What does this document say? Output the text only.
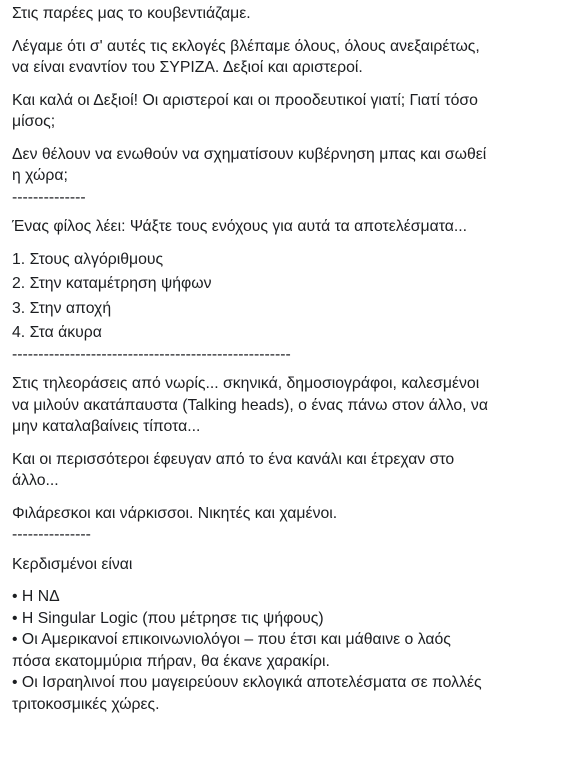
Στις παρέες μας το κουβεντιάζαμε.
Λέγαμε ότι σ' αυτές τις εκλογές βλέπαμε όλους, όλους ανεξαιρέτως,
να είναι εναντίον του ΣΥΡΙΖΑ. Δεξιοί και αριστεροί.
Και καλά οι Δεξιοί! Οι αριστεροί και οι προοδευτικοί γιατί; Γιατί τόσο
μίσος;
Δεν θέλουν να ενωθούν να σχηματίσουν κυβέρνηση μπας και σωθεί
η χώρα;
--------------
Ένας φίλος λέει: Ψάξτε τους ενόχους για αυτά τα αποτελέσματα...
1. Στους αλγόριθμους
2. Στην καταμέτρηση ψήφων
3. Στην αποχή
4. Στα άκυρα
-----------------------------------------------------
Στις τηλεοράσεις από νωρίς... σκηνικά, δημοσιογράφοι, καλεσμένοι
να μιλούν ακατάπαυστα (Talking heads), ο ένας πάνω στον άλλο, να
μην καταλαβαίνεις τίποτα...
Και οι περισσότεροι έφευγαν από το ένα κανάλι και έτρεχαν στο
άλλο...
Φιλάρεσκοι και νάρκισσοι. Νικητές και χαμένοι.
---------------
Κερδισμένοι είναι
• Η ΝΔ
• Η Singular Logic (που μέτρησε τις ψήφους)
• Οι Αμερικανοί επικοινωνιολόγοι – που έτσι και μάθαινε ο λαός
πόσα εκατομμύρια πήραν, θα έκανε χαρακίρι.
• Οι Ισραηλινοί που μαγειρεύουν εκλογικά αποτελέσματα σε πολλές
τριτοκοσμικές χώρες.
